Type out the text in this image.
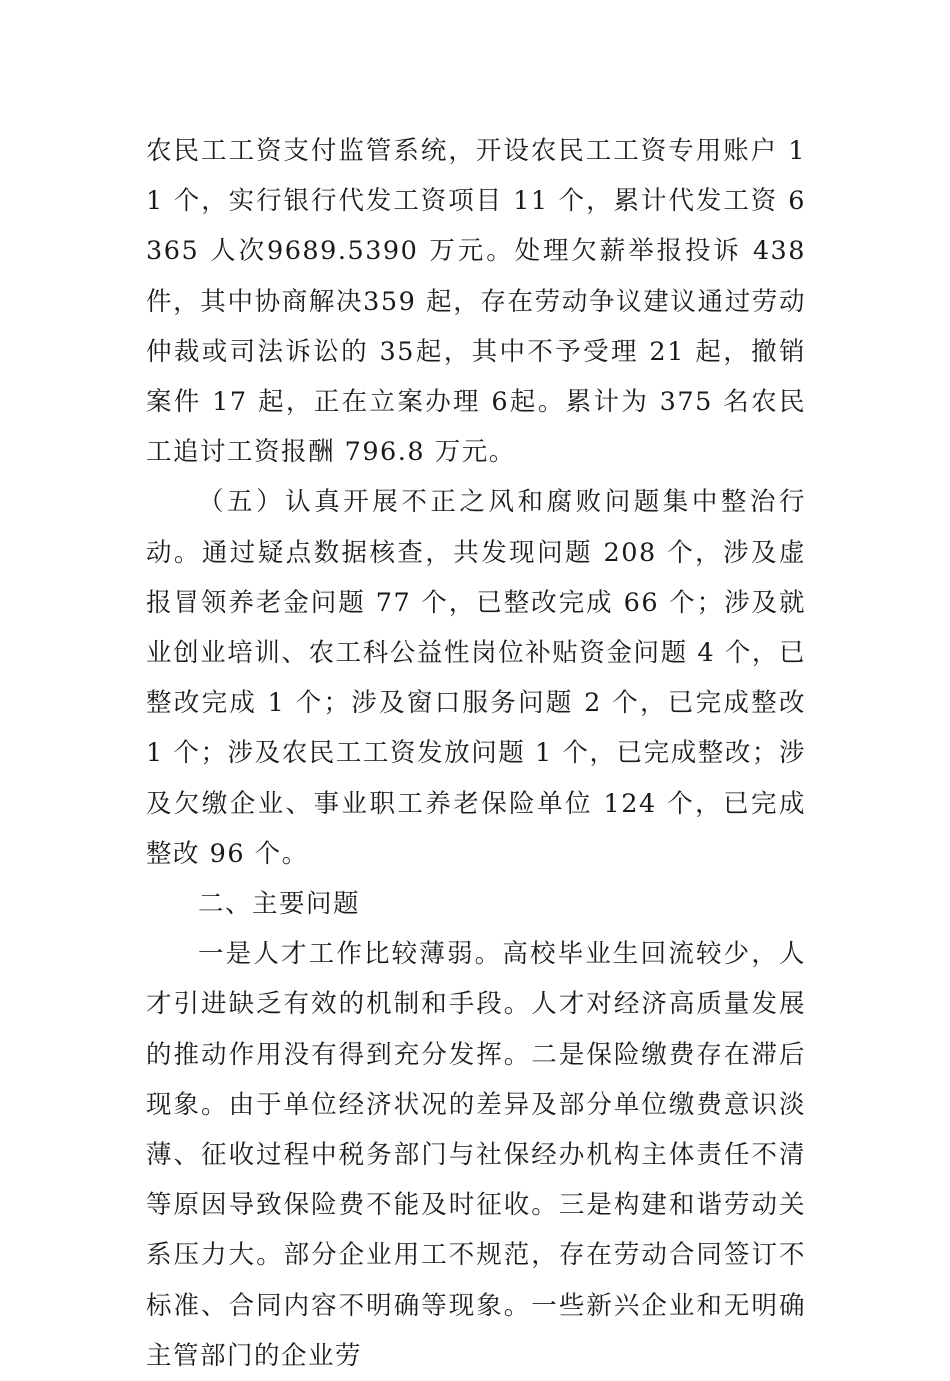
农民工工资支付监管系统，开设农民工工资专用账户 11 个，实行银行代发工资项目 11 个，累计代发工资 6365 人次9689.5390 万元。处理欠薪举报投诉 438 件，其中协商解决359 起，存在劳动争议建议通过劳动仲裁或司法诉讼的 35起，其中不予受理 21 起，撤销案件 17 起，正在立案办理 6起。累计为 375 名农民工追讨工资报酬 796.8 万元。

（五）认真开展不正之风和腐败问题集中整治行动。通过疑点数据核查，共发现问题 208 个，涉及虚报冒领养老金问题 77 个，已整改完成 66 个；涉及就业创业培训、农工科公益性岗位补贴资金问题 4 个，已整改完成 1 个；涉及窗口服务问题 2 个，已完成整改 1 个；涉及农民工工资发放问题 1 个，已完成整改；涉及欠缴企业、事业职工养老保险单位 124 个，已完成整改 96 个。

二、主要问题

一是人才工作比较薄弱。高校毕业生回流较少，人才引进缺乏有效的机制和手段。人才对经济高质量发展的推动作用没有得到充分发挥。二是保险缴费存在滞后现象。由于单位经济状况的差异及部分单位缴费意识淡薄、征收过程中税务部门与社保经办机构主体责任不清等原因导致保险费不能及时征收。三是构建和谐劳动关系压力大。部分企业用工不规范，存在劳动合同签订不标准、合同内容不明确等现象。一些新兴企业和无明确主管部门的企业劳
